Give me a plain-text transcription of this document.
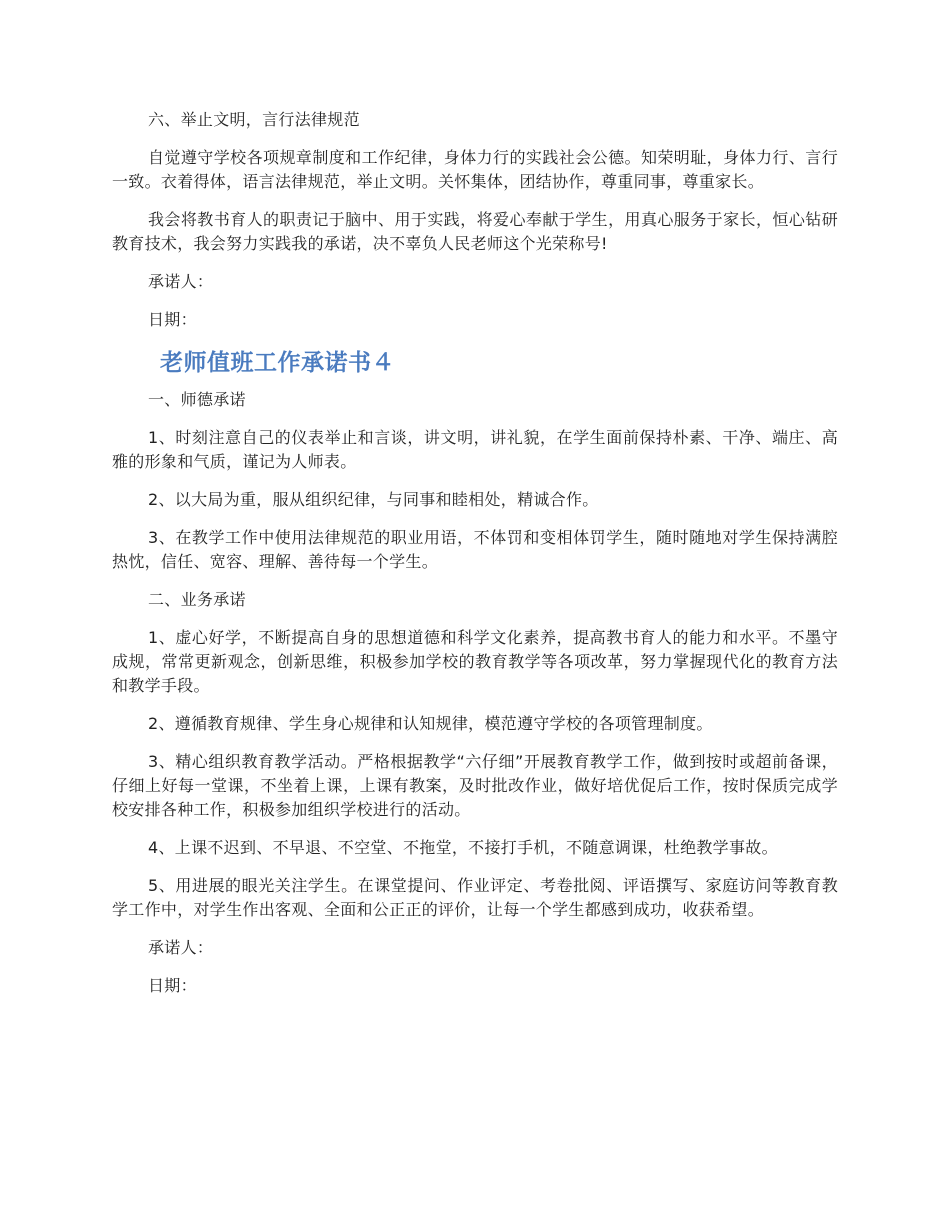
六、举止文明，言行法律规范

自觉遵守学校各项规章制度和工作纪律，身体力行的实践社会公德。知荣明耻，身体力行、言行一致。衣着得体，语言法律规范，举止文明。关怀集体，团结协作，尊重同事，尊重家长。

我会将教书育人的职责记于脑中、用于实践，将爱心奉献于学生，用真心服务于家长，恒心钻研教育技术，我会努力实践我的承诺，决不辜负人民老师这个光荣称号!

承诺人：

日期：

老师值班工作承诺书４

一、师德承诺

1、时刻注意自己的仪表举止和言谈，讲文明，讲礼貌，在学生面前保持朴素、干净、端庄、高雅的形象和气质，谨记为人师表。

2、以大局为重，服从组织纪律，与同事和睦相处，精诚合作。

3、在教学工作中使用法律规范的职业用语，不体罚和变相体罚学生，随时随地对学生保持满腔热忱，信任、宽容、理解、善待每一个学生。

二、业务承诺

1、虚心好学，不断提高自身的思想道德和科学文化素养，提高教书育人的能力和水平。不墨守成规，常常更新观念，创新思维，积极参加学校的教育教学等各项改革，努力掌握现代化的教育方法和教学手段。

2、遵循教育规律、学生身心规律和认知规律，模范遵守学校的各项管理制度。

3、精心组织教育教学活动。严格根据教学“六仔细”开展教育教学工作，做到按时或超前备课，仔细上好每一堂课，不坐着上课，上课有教案，及时批改作业，做好培优促后工作，按时保质完成学校安排各种工作，积极参加组织学校进行的活动。

4、上课不迟到、不早退、不空堂、不拖堂，不接打手机，不随意调课，杜绝教学事故。

5、用进展的眼光关注学生。在课堂提问、作业评定、考卷批阅、评语撰写、家庭访问等教育教学工作中，对学生作出客观、全面和公正正的评价，让每一个学生都感到成功，收获希望。

承诺人：

日期：
